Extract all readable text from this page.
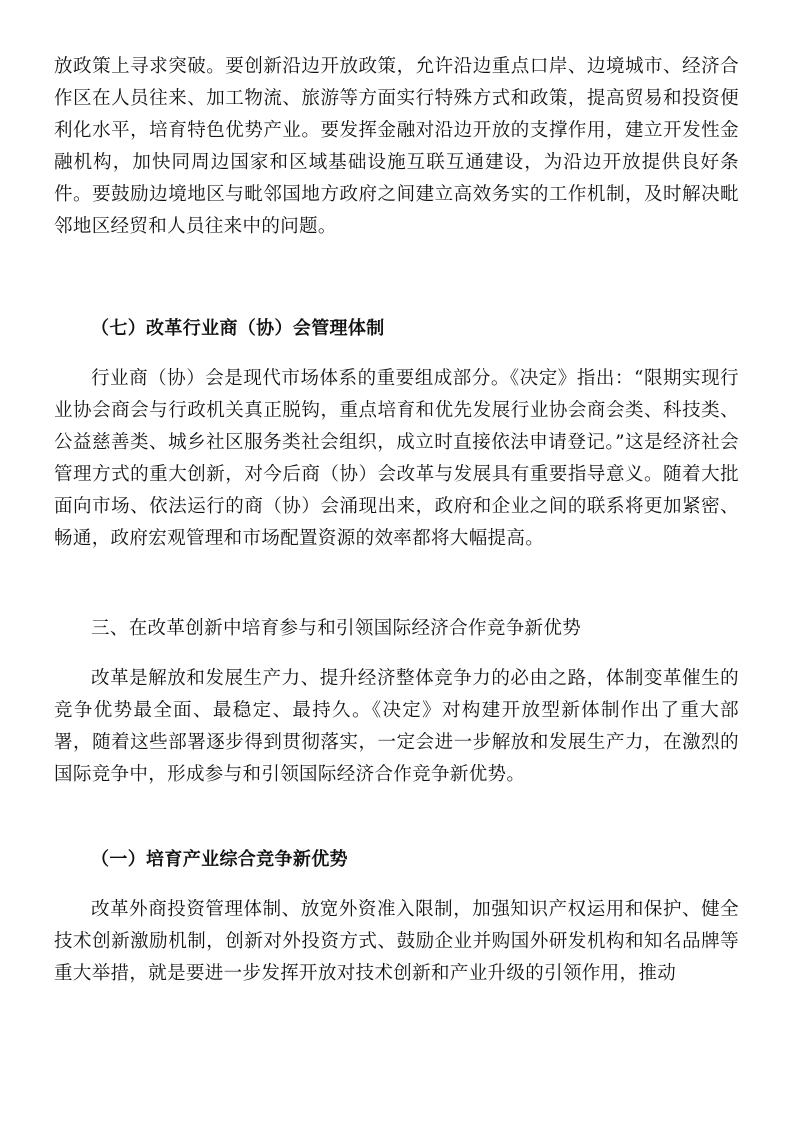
放政策上寻求突破。要创新沿边开放政策，允许沿边重点口岸、边境城市、经济合作区在人员往来、加工物流、旅游等方面实行特殊方式和政策，提高贸易和投资便利化水平，培育特色优势产业。要发挥金融对沿边开放的支撑作用，建立开发性金融机构，加快同周边国家和区域基础设施互联互通建设，为沿边开放提供良好条件。要鼓励边境地区与毗邻国地方政府之间建立高效务实的工作机制，及时解决毗邻地区经贸和人员往来中的问题。

（七）改革行业商（协）会管理体制

行业商（协）会是现代市场体系的重要组成部分。《决定》指出：“限期实现行业协会商会与行政机关真正脱钩，重点培育和优先发展行业协会商会类、科技类、公益慈善类、城乡社区服务类社会组织，成立时直接依法申请登记。”这是经济社会管理方式的重大创新，对今后商（协）会改革与发展具有重要指导意义。随着大批面向市场、依法运行的商（协）会涌现出来，政府和企业之间的联系将更加紧密、畅通，政府宏观管理和市场配置资源的效率都将大幅提高。

三、在改革创新中培育参与和引领国际经济合作竞争新优势

改革是解放和发展生产力、提升经济整体竞争力的必由之路，体制变革催生的竞争优势最全面、最稳定、最持久。《决定》对构建开放型新体制作出了重大部署，随着这些部署逐步得到贯彻落实，一定会进一步解放和发展生产力，在激烈的国际竞争中，形成参与和引领国际经济合作竞争新优势。

（一）培育产业综合竞争新优势

改革外商投资管理体制、放宽外资准入限制，加强知识产权运用和保护、健全技术创新激励机制，创新对外投资方式、鼓励企业并购国外研发机构和知名品牌等重大举措，就是要进一步发挥开放对技术创新和产业升级的引领作用，推动
